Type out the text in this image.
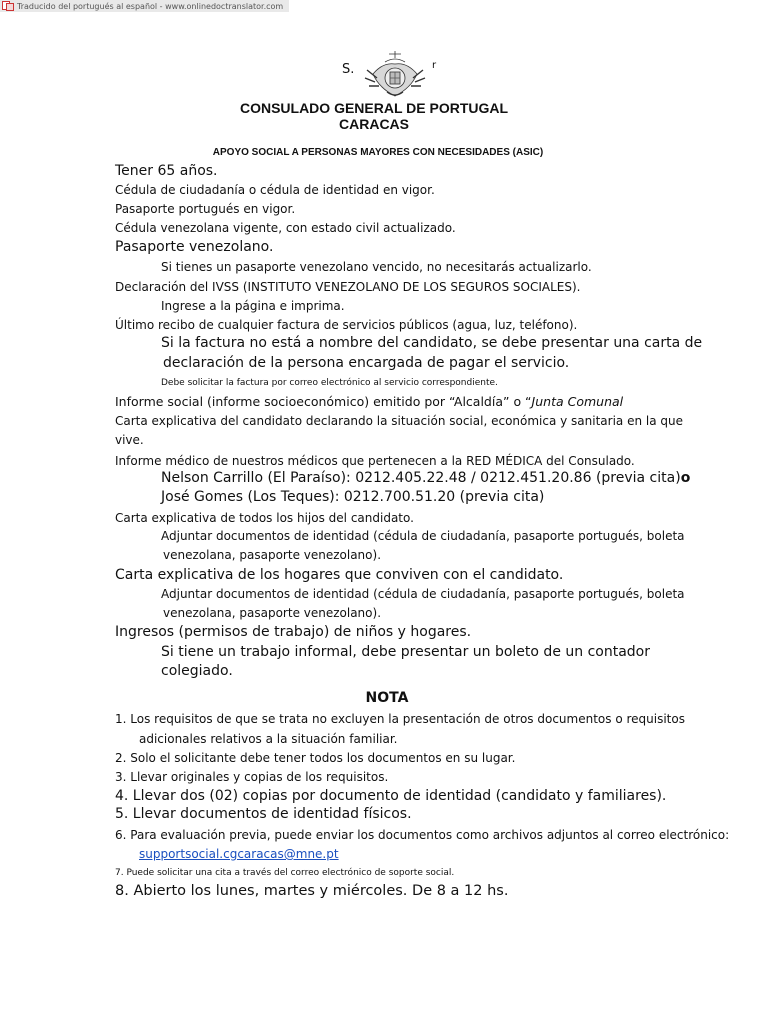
Traducido del portugués al español - www.onlinedoctranslator.com
S.	r
CONSULADO GENERAL DE PORTUGAL
CARACAS
APOYO SOCIAL A PERSONAS MAYORES CON NECESIDADES (ASIC)
Tener 65 años.
Cédula de ciudadanía o cédula de identidad en vigor.
Pasaporte portugués en vigor.
Cédula venezolana vigente, con estado civil actualizado.
Pasaporte venezolano.
Si tienes un pasaporte venezolano vencido, no necesitarás actualizarlo.
Declaración del IVSS (INSTITUTO VENEZOLANO DE LOS SEGUROS SOCIALES).
Ingrese a la página e imprima.
Último recibo de cualquier factura de servicios públicos (agua, luz, teléfono).
Si la factura no está a nombre del candidato, se debe presentar una carta de
declaración de la persona encargada de pagar el servicio.
Debe solicitar la factura por correo electrónico al servicio correspondiente.
Informe social (informe socioeconómico) emitido por “Alcaldía” o “Junta Comunal
Carta explicativa del candidato declarando la situación social, económica y sanitaria en la que
vive.
Informe médico de nuestros médicos que pertenecen a la RED MÉDICA del Consulado.
Nelson Carrillo (El Paraíso): 0212.405.22.48 / 0212.451.20.86 (previa cita)o
José Gomes (Los Teques): 0212.700.51.20 (previa cita)
Carta explicativa de todos los hijos del candidato.
Adjuntar documentos de identidad (cédula de ciudadanía, pasaporte portugués, boleta
venezolana, pasaporte venezolano).
Carta explicativa de los hogares que conviven con el candidato.
Adjuntar documentos de identidad (cédula de ciudadanía, pasaporte portugués, boleta
venezolana, pasaporte venezolano).
Ingresos (permisos de trabajo) de niños y hogares.
Si tiene un trabajo informal, debe presentar un boleto de un contador
colegiado.
NOTA
1. Los requisitos de que se trata no excluyen la presentación de otros documentos o requisitos
adicionales relativos a la situación familiar.
2. Solo el solicitante debe tener todos los documentos en su lugar.
3. Llevar originales y copias de los requisitos.
4. Llevar dos (02) copias por documento de identidad (candidato y familiares).
5. Llevar documentos de identidad físicos.
6. Para evaluación previa, puede enviar los documentos como archivos adjuntos al correo electrónico:
supportsocial.cgcaracas@mne.pt
7. Puede solicitar una cita a través del correo electrónico de soporte social.
8. Abierto los lunes, martes y miércoles. De 8 a 12 hs.
